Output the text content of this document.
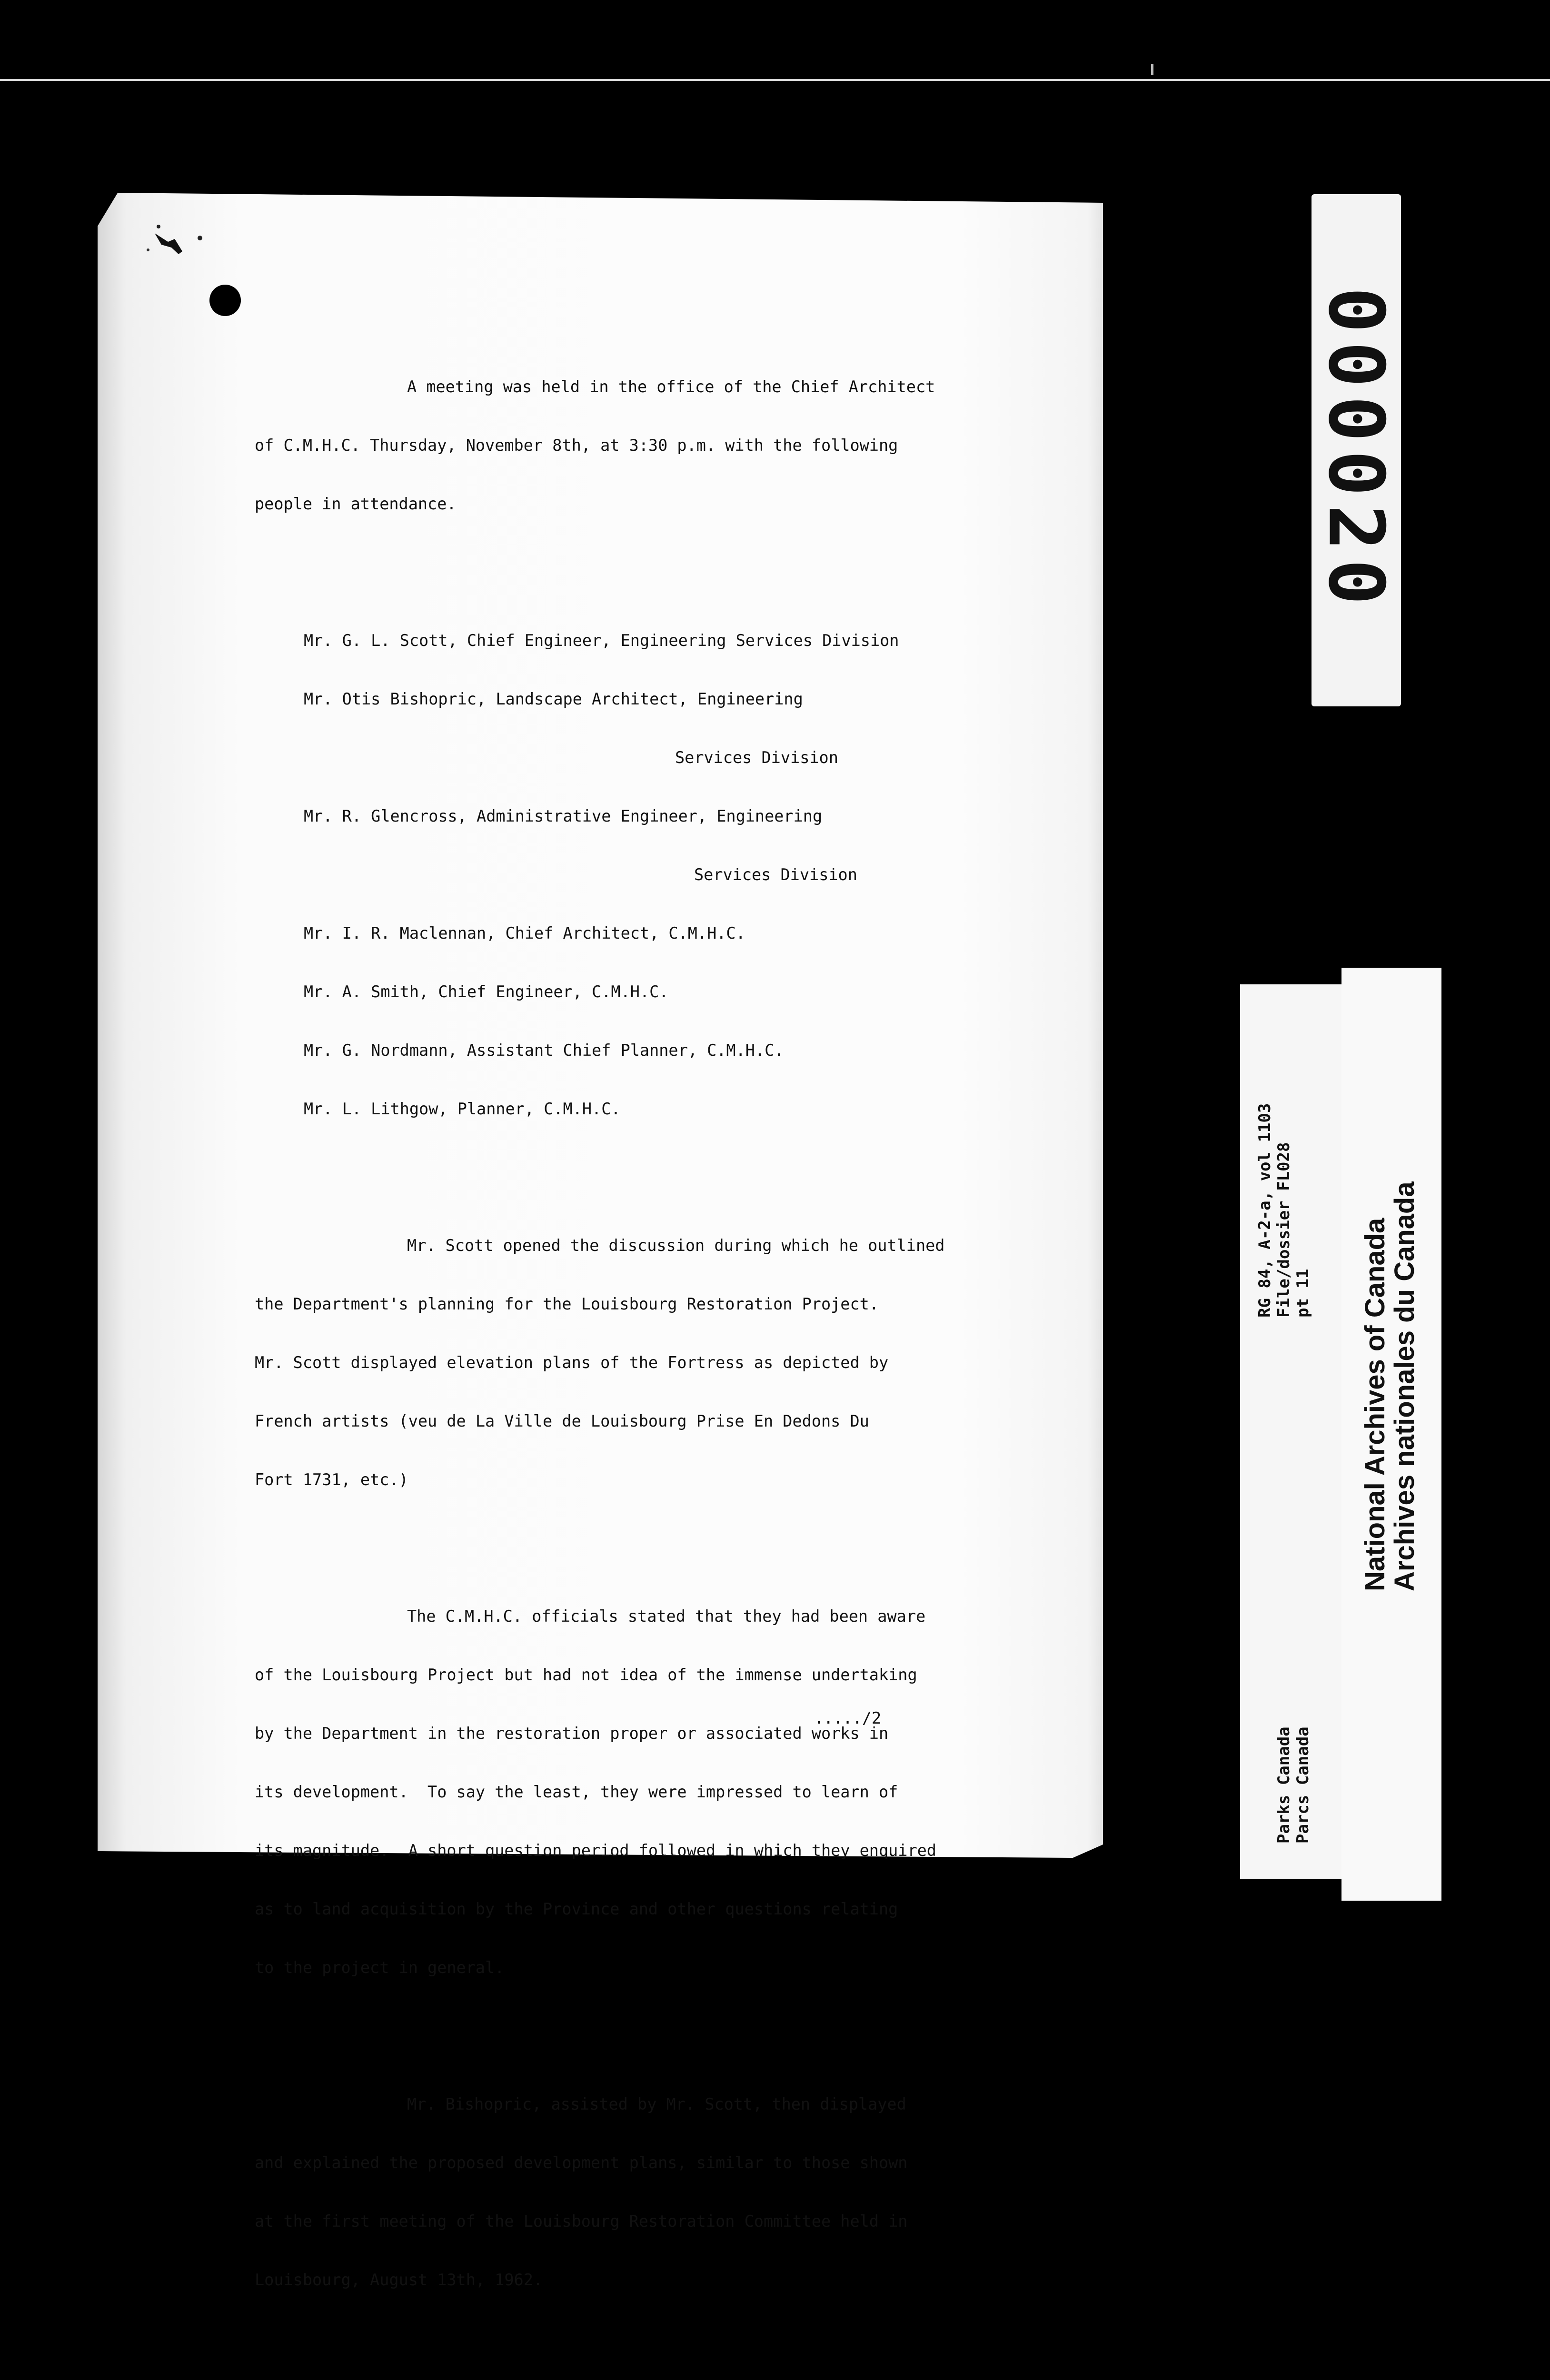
A meeting was held in the office of the Chief Architect

of C.M.H.C. Thursday, November 8th, at 3:30 p.m. with the following

people in attendance.

Mr. G. L. Scott, Chief Engineer, Engineering Services Division

Mr. Otis Bishopric, Landscape Architect, Engineering

Services Division

Mr. R. Glencross, Administrative Engineer, Engineering

Services Division

Mr. I. R. Maclennan, Chief Architect, C.M.H.C.

Mr. A. Smith, Chief Engineer, C.M.H.C.

Mr. G. Nordmann, Assistant Chief Planner, C.M.H.C.

Mr. L. Lithgow, Planner, C.M.H.C.

Mr. Scott opened the discussion during which he outlined

the Department's planning for the Louisbourg Restoration Project.

Mr. Scott displayed elevation plans of the Fortress as depicted by

French artists (veu de La Ville de Louisbourg Prise En Dedons Du

Fort 1731, etc.)

The C.M.H.C. officials stated that they had been aware

of the Louisbourg Project but had not idea of the immense undertaking

by the Department in the restoration proper or associated works in

its development.  To say the least, they were impressed to learn of

its magnitude.  A short question period followed in which they enquired

as to land acquisition by the Province and other questions relating

to the project in general.

Mr. Bishopric, assisted by Mr. Scott, then displayed

and explained the proposed development plans, similar to those shown

at the first meeting of the Louisbourg Restoration Committee held in

Louisbourg, August 13th, 1962.

...../2
000020
RG 84, A-2-a, vol 1103 File/dossier FL028 pt 11
Parks Canada Parcs Canada
National Archives of Canada
Archives nationales du Canada
